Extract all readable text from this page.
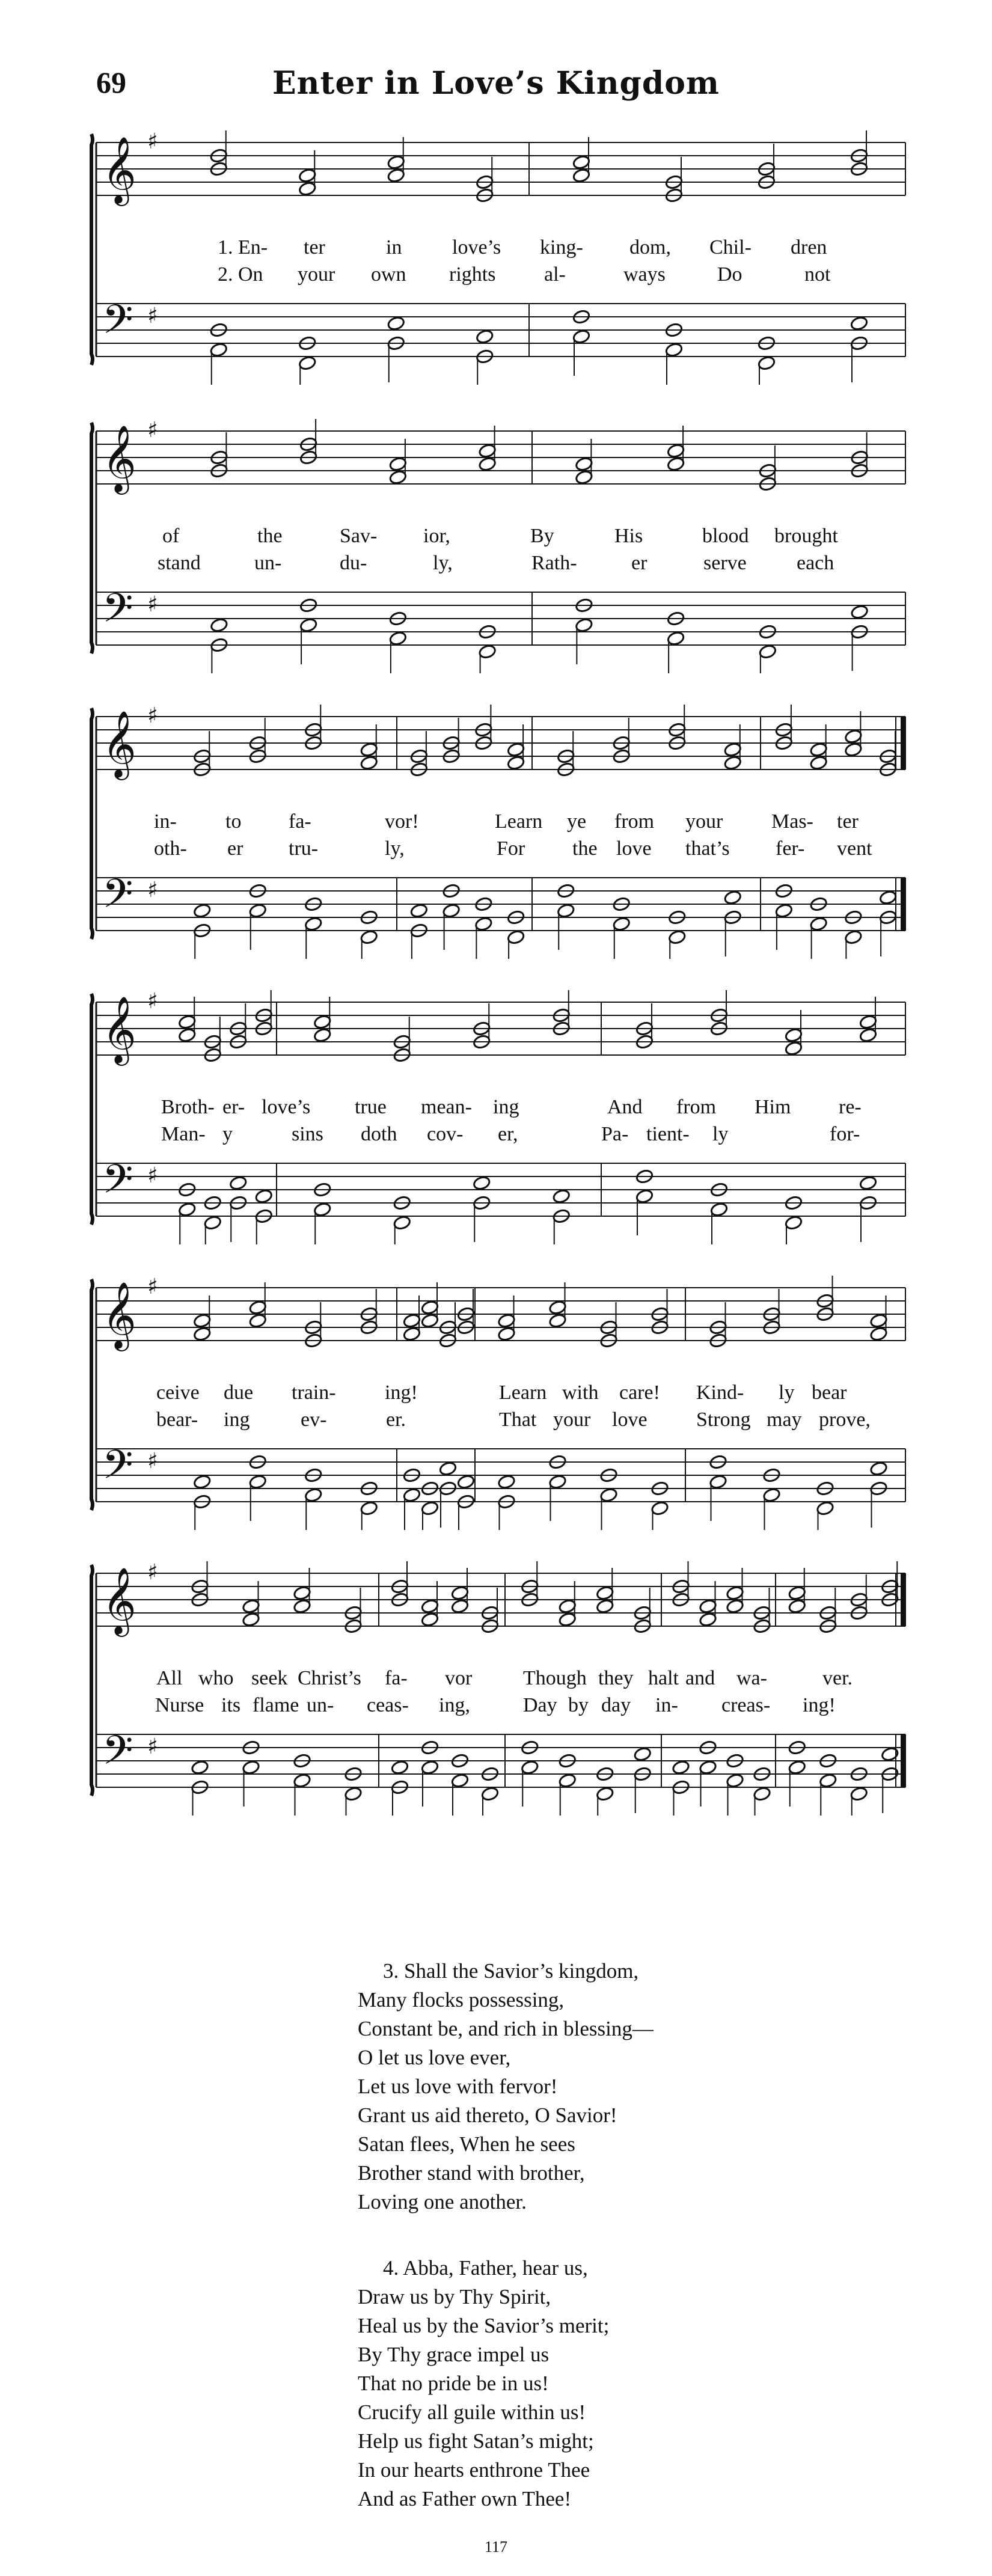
69	Enter in Love’s Kingdom
𝄞
𝄢
♯
♯
1. En- ter	in love’s king- dom, Chil- dren
2. On your own rights al-	ways	Do	not
𝄞
𝄢
♯
♯
of	the	Sav- ior,	By	His	blood brought
stand	un-	du-	ly,	Rath-	er	serve each
𝄞
𝄢
♯
♯
in- to fa-	vor!	Learn ye from your Mas- ter
oth- er tru-	ly,	For the love that’s fer- vent
𝄞
𝄢
♯
♯
Broth- er- love’s true mean- ing	And from Him re-
Man- y	sins doth cov- er,	Pa- tient- ly	for-
𝄞
𝄢
♯
♯
ceive due train- ing!	Learn with care! Kind- ly bear
bear- ing ev-	er.	That your love Strong may prove,
𝄞
𝄢
♯
♯
All who seek Christ’s fa- vor Though they halt and wa-	ver.
Nurse its flame un- ceas- ing,	Day by day in- creas- ing!
3. Shall the Savior’s kingdom,
Many flocks possessing,
Constant be, and rich in blessing—
O let us love ever,
Let us love with fervor!
Grant us aid thereto, O Savior!
Satan flees, When he sees
Brother stand with brother,
Loving one another.
4. Abba, Father, hear us,
Draw us by Thy Spirit,
Heal us by the Savior’s merit;
By Thy grace impel us
That no pride be in us!
Crucify all guile within us!
Help us fight Satan’s might;
In our hearts enthrone Thee
And as Father own Thee!
117
